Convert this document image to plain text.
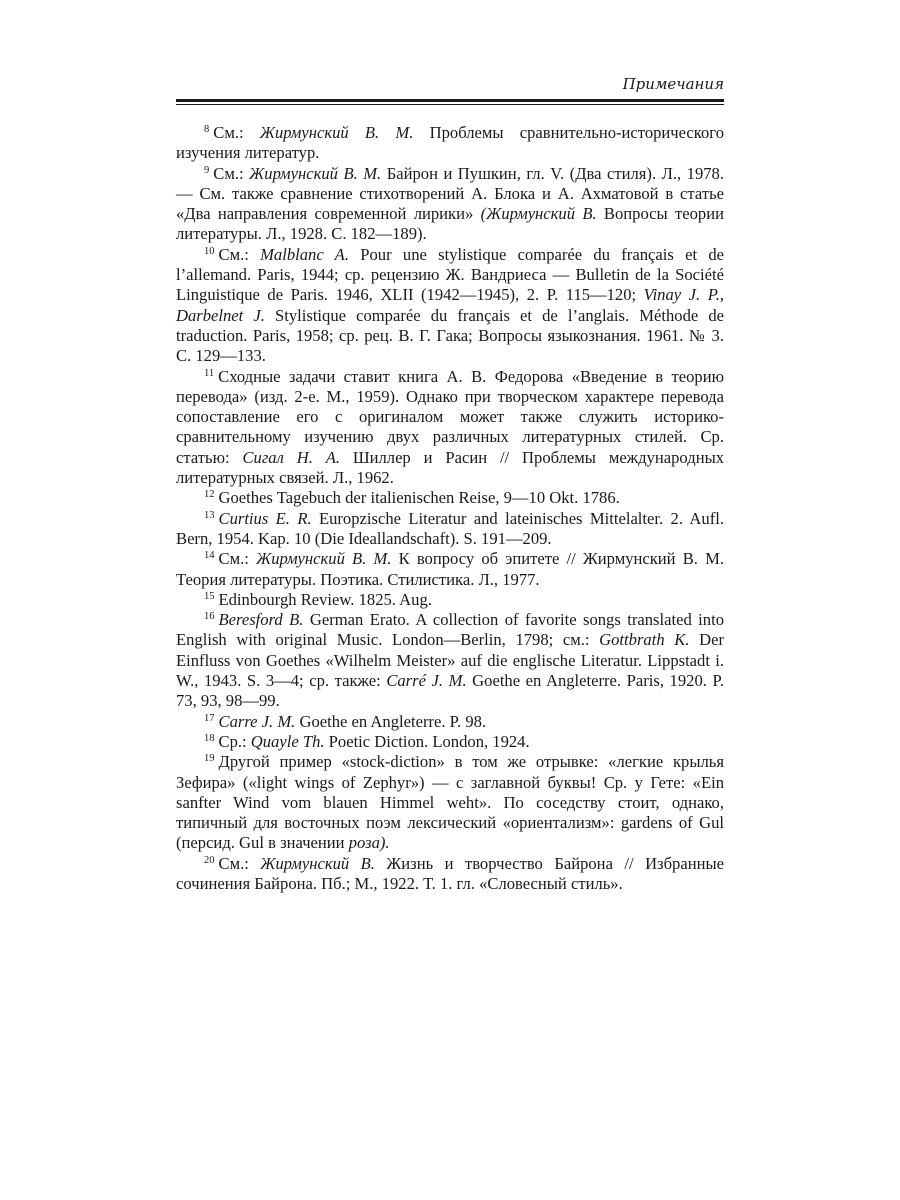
Примечания

$^8$ См.: Жирмунский В. М. Проблемы сравнительно-исторического изучения литератур.

$^9$ См.: Жирмунский В. М. Байрон и Пушкин, гл. V. (Два стиля). Л., 1978. — См. также сравнение стихотворений А. Блока и А. Ахматовой в статье «Два направления современной лирики» (Жирмунский В. Вопросы теории литературы. Л., 1928. С. 182—189).

$^{10}$ См.: Malblanc A. Pour une stylistique comparée du français et de l’allemand. Paris, 1944; ср. рецензию Ж. Вандриеса — Bulletin de la Société Linguistique de Paris. 1946, XLII (1942—1945), 2. P. 115—120; Vinay J. P., Darbelnet J. Stylistique comparée du français et de l’anglais. Méthode de traduction. Paris, 1958; ср. рец. В. Г. Гака; Вопросы языкознания. 1961. № 3. С. 129—133.

$^{11}$ Сходные задачи ставит книга А. В. Федорова «Введение в теорию перевода» (изд. 2-е. М., 1959). Однако при творческом характере перевода сопоставление его с оригиналом может также служить историко-сравнительному изучению двух различных литературных стилей. Ср. статью: Сигал Н. А. Шиллер и Расин // Проблемы международных литературных связей. Л., 1962.

$^{12}$ Goethes Tagebuch der italienischen Reise, 9—10 Okt. 1786.

$^{13}$ Curtius E. R. Europzische Literatur and lateinisches Mittelalter. 2. Aufl. Bern, 1954. Kap. 10 (Die Ideallandschaft). S. 191—209.

$^{14}$ См.: Жирмунский В. М. К вопросу об эпитете // Жирмунский В. М. Теория литературы. Поэтика. Стилистика. Л., 1977.

$^{15}$ Edinbourgh Review. 1825. Aug.

$^{16}$ Beresford B. German Erato. A collection of favorite songs translated into English with original Music. London—Berlin, 1798; см.: Gottbrath K. Der Einfluss von Goethes «Wilhelm Meister» auf die englische Literatur. Lippstadt i. W., 1943. S. 3—4; ср. также: Carré J. M. Goethe en Angleterre. Paris, 1920. P. 73, 93, 98—99.

$^{17}$ Carre J. M. Goethe en Angleterre. P. 98.

$^{18}$ Ср.: Quayle Th. Poetic Diction. London, 1924.

$^{19}$ Другой пример «stock-diction» в том же отрывке: «легкие крылья Зефира» («light wings of Zephyr») — с заглавной буквы! Ср. у Гете: «Ein sanfter Wind vom blauen Himmel weht». По соседству стоит, однако, типичный для восточных поэм лексический «ориентализм»: gardens of Gul (персид. Gul в значении роза).

$^{20}$ См.: Жирмунский В. Жизнь и творчество Байрона // Избранные сочинения Байрона. Пб.; М., 1922. Т. 1. гл. «Словесный стиль».
